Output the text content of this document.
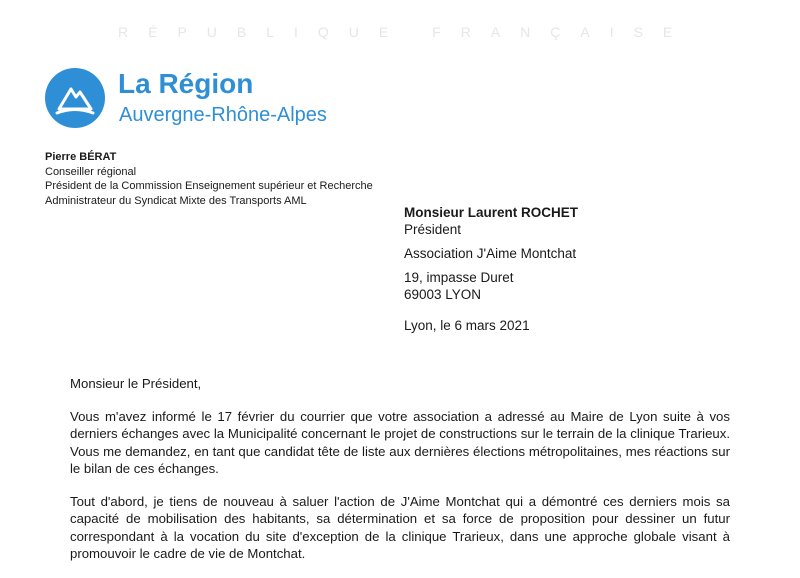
RÉPUBLIQUE FRANÇAISE
La Région
Auvergne-Rhône-Alpes
Pierre BÉRAT
Conseiller régional
Président de la Commission Enseignement supérieur et Recherche
Administrateur du Syndicat Mixte des Transports AML
Monsieur Laurent ROCHET
Président
Association J'Aime Montchat
19, impasse Duret
69003 LYON
Lyon, le 6 mars 2021

Monsieur le Président,

Vous m'avez informé le 17 février du courrier que votre association a adressé au Maire de Lyon suite à vos derniers échanges avec la Municipalité concernant le projet de constructions sur le terrain de la clinique Trarieux. Vous me demandez, en tant que candidat tête de liste aux dernières élections métropolitaines, mes réactions sur le bilan de ces échanges.

Tout d'abord, je tiens de nouveau à saluer l'action de J'Aime Montchat qui a démontré ces derniers mois sa capacité de mobilisation des habitants, sa détermination et sa force de proposition pour dessiner un futur correspondant à la vocation du site d'exception de la clinique Trarieux, dans une approche globale visant à promouvoir le cadre de vie de Montchat.
